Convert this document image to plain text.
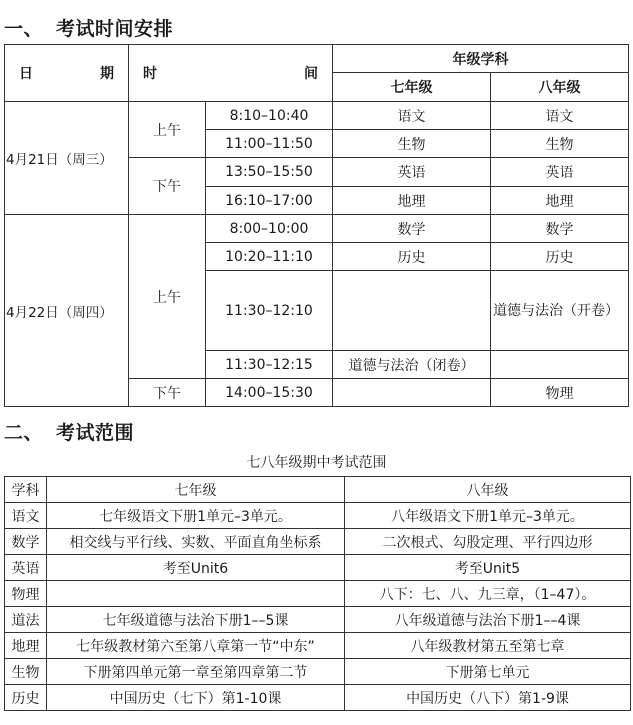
一、 考试时间安排
日 期	时 间		年级学科	
			七年级	八年级
4月21日（周三）	上午	8:10–10:40	语文	语文
		11:00–11:50	生物	生物
	下午	13:50–15:50	英语	英语
		16:10–17:00	地理	地理
4月22日（周四）	上午	8:00–10:00	数学	数学
		10:20–11:10	历史	历史
		11:30–12:10		道德与法治（开卷）
		11:30–12:15	道德与法治（闭卷）	
	下午	14:00–15:30		物理
二、 考试范围
七八年级期中考试范围
学科	七年级	八年级
语文	七年级语文下册1单元–3单元。	八年级语文下册1单元–3单元。
数学	相交线与平行线、实数、平面直角坐标系	二次根式、勾股定理、平行四边形
英语	考至Unit6	考至Unit5
物理		八下：七、八、九三章，（1–47）。
道法	七年级道德与法治下册1––5课	八年级道德与法治下册1––4课
地理	七年级教材第六至第八章第一节“中东”	八年级教材第五至第七章
生物	下册第四单元第一章至第四章第二节	下册第七单元
历史	中国历史（七下）第1-10课	中国历史（八下）第1-9课
